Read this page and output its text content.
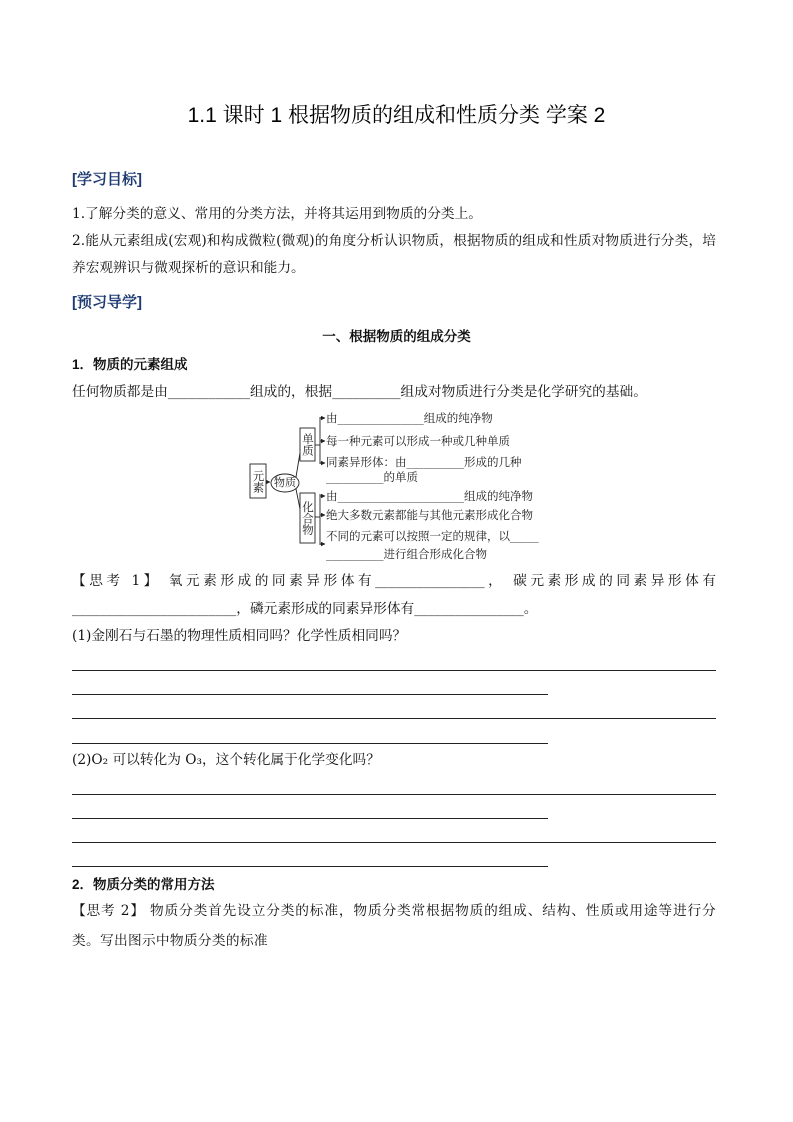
1.1 课时 1 根据物质的组成和性质分类 学案 2
[学习目标]
1.了解分类的意义、常用的分类方法，并将其运用到物质的分类上。
2.能从元素组成(宏观)和构成微粒(微观)的角度分析认识物质，根据物质的组成和性质对物质进行分类，培养宏观辨识与微观探析的意识和能力。
[预习导学]
一、根据物质的组成分类
1．物质的元素组成
任何物质都是由____________组成的，根据__________组成对物质进行分类是化学研究的基础。
元素 物质
单质
化合物
由_______________组成的纯净物
每一种元素可以形成一种或几种单质
同素异形体：由__________形成的几种
__________的单质
由______________________组成的纯净物
绝大多数元素都能与其他元素形成化合物
不同的元素可以按照一定的规律，以_____
__________进行组合形成化合物
【思考 1】 氧元素形成的同素异形体有________________， 碳元素形成的同素异形体有________________________，磷元素形成的同素异形体有________________。
(1)金刚石与石墨的物理性质相同吗？化学性质相同吗？
(2)O₂ 可以转化为 O₃，这个转化属于化学变化吗？
2．物质分类的常用方法
【思考 2】 物质分类首先设立分类的标准，物质分类常根据物质的组成、结构、性质或用途等进行分类。写出图示中物质分类的标准
